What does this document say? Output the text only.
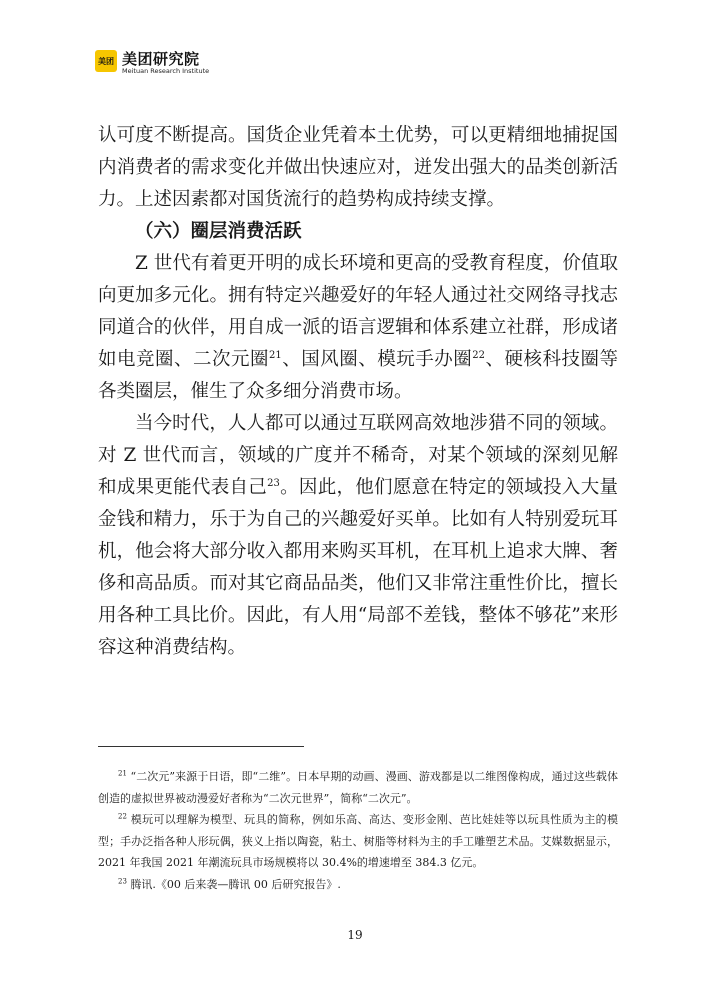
美团 美团研究院
Meituan Research Institute

认可度不断提高。国货企业凭着本土优势，可以更精细地捕捉国内消费者的需求变化并做出快速应对，迸发出强大的品类创新活力。上述因素都对国货流行的趋势构成持续支撑。

（六）圈层消费活跃

Z 世代有着更开明的成长环境和更高的受教育程度，价值取向更加多元化。拥有特定兴趣爱好的年轻人通过社交网络寻找志同道合的伙伴，用自成一派的语言逻辑和体系建立社群，形成诸如电竞圈、二次元圈$^{21}$、国风圈、模玩手办圈$^{22}$、硬核科技圈等各类圈层，催生了众多细分消费市场。

当今时代，人人都可以通过互联网高效地涉猎不同的领域。对 Z 世代而言，领域的广度并不稀奇，对某个领域的深刻见解和成果更能代表自己$^{23}$。因此，他们愿意在特定的领域投入大量金钱和精力，乐于为自己的兴趣爱好买单。比如有人特别爱玩耳机，他会将大部分收入都用来购买耳机，在耳机上追求大牌、奢侈和高品质。而对其它商品品类，他们又非常注重性价比，擅长用各种工具比价。因此，有人用“局部不差钱，整体不够花”来形容这种消费结构。

$^{21}$ “二次元”来源于日语，即“二维”。日本早期的动画、漫画、游戏都是以二维图像构成，通过这些载体创造的虚拟世界被动漫爱好者称为“二次元世界”，简称“二次元”。

$^{22}$ 模玩可以理解为模型、玩具的简称，例如乐高、高达、变形金刚、芭比娃娃等以玩具性质为主的模型；手办泛指各种人形玩偶，狭义上指以陶瓷，粘土、树脂等材料为主的手工雕塑艺术品。艾媒数据显示，2021 年我国 2021 年潮流玩具市场规模将以 30.4%的增速增至 384.3 亿元。

$^{23}$ 腾讯.《00 后来袭—腾讯 00 后研究报告》.

19
